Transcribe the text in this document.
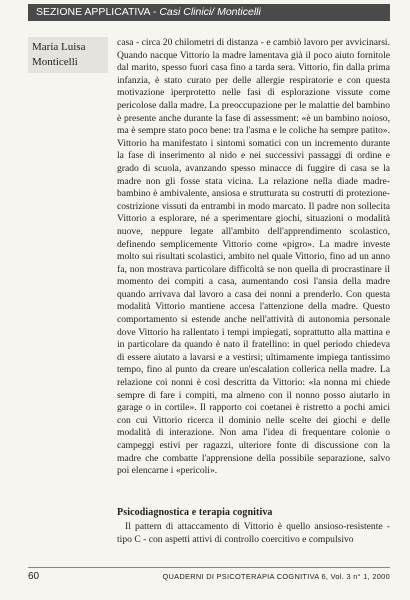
SEZIONE APPLICATIVA - Casi Clinici/ Monticelli
Maria Luisa
Monticelli

casa - circa 20 chilometri di distanza - e cambiò lavoro per avvicinarsi. Quando nacque Vittorio la madre lamentava già il poco aiuto fornitole dal marito, spesso fuori casa fino a tarda sera. Vittorio, fin dalla prima infanzia, è stato curato per delle allergie respiratorie e con questa motivazione iperprotetto nelle fasi di esplorazione vissute come pericolose dalla madre. La preoccupazione per le malattie del bambino è presente anche durante la fase di assessment: «è un bambino noioso, ma è sempre stato poco bene: tra l'asma e le coliche ha sempre patito». Vittorio ha manifestato i sintomi somatici con un incremento durante la fase di inserimento al nido e nei successivi passaggi di ordine e grado di scuola, avanzando spesso minacce di fuggire di casa se la madre non gli fosse stata vicina. La relazione nella diade madre-bambino è ambivalente, ansiosa e strutturata su costrutti di protezione-costrizione vissuti da entrambi in modo marcato. Il padre non sollecita Vittorio a esplorare, né a sperimentare giochi, situazioni o modalità nuove, neppure legate all'ambito dell'apprendimento scolastico, definendo semplicemente Vittorio come «pigro». La madre investe molto sui risultati scolastici, ambito nel quale Vittorio, fino ad un anno fa, non mostrava particolare difficoltà se non quella di procrastinare il momento dei compiti a casa, aumentando così l'ansia della madre quando arrivava dal lavoro a casa dei nonni a prenderlo. Con questa modalità Vittorio mantiene accesa l'attenzione della madre. Questo comportamento si estende anche nell'attività di autonomia personale dove Vittorio ha rallentato i tempi impiegati, soprattutto alla mattina e in particolare da quando è nato il fratellino: in quel periodo chiedeva di essere aiutato a lavarsi e a vestirsi; ultimamente impiega tantissimo tempo, fino al punto da creare un'escalation collerica nella madre. La relazione coi nonni è così descritta da Vittorio: «la nonna mi chiede sempre di fare i compiti, ma almeno con il nonno posso aiutarlo in garage o in cortile». Il rapporto coi coetanei è ristretto a pochi amici con cui Vittorio ricerca il dominio nelle scelte dei giochi e delle modalità di interazione. Non ama l'idea di frequentare colonie o campeggi estivi per ragazzi, ulteriore fonte di discussione con la madre che combatte l'apprensione della possibile separazione, salvo poi elencarne i «pericoli».

Psicodiagnostica e terapia cognitiva
Il pattern di attaccamento di Vittorio è quello ansioso-resistente - tipo C - con aspetti attivi di controllo coercitivo e compulsivo
60	QUADERNI DI PSICOTERAPIA COGNITIVA 6, Vol. 3 n° 1, 2000
